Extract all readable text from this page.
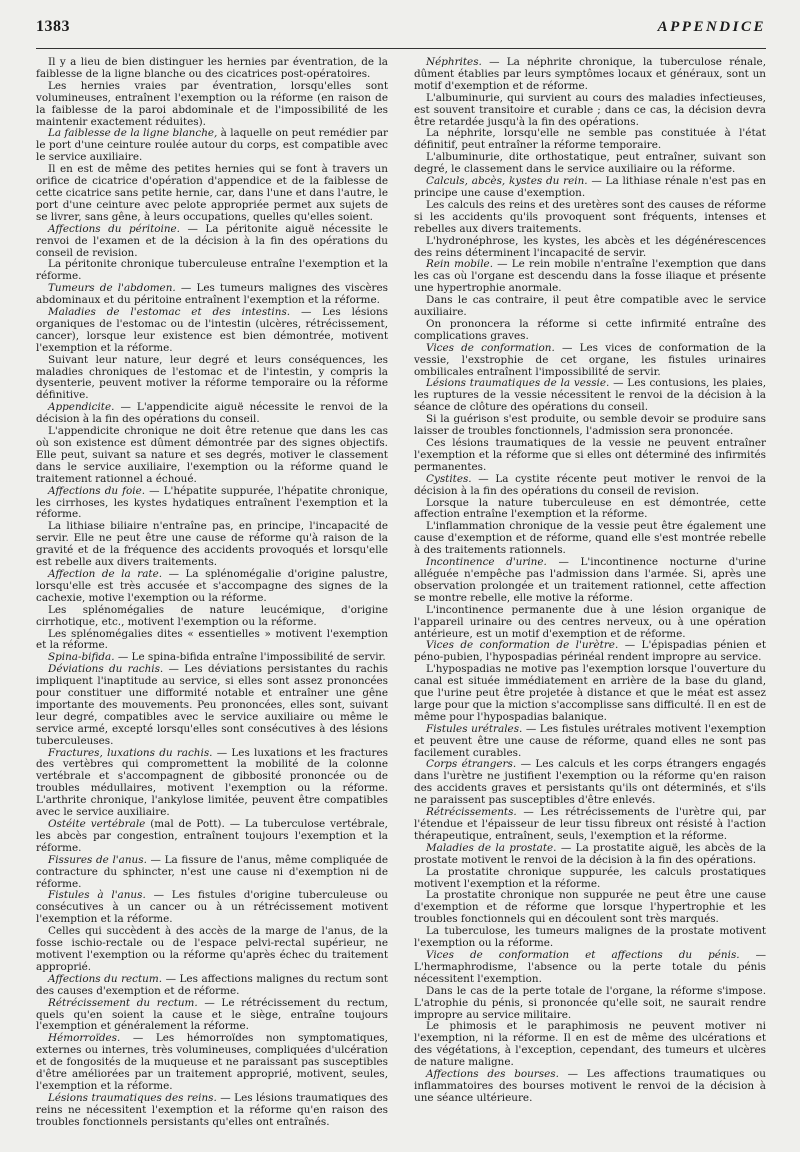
1383	APPENDICE

Il y a lieu de bien distinguer les hernies par éventration, de la faiblesse de la ligne blanche ou des cicatrices post-opératoires.

Les hernies vraies par éventration, lorsqu'elles sont volumineuses, entraînent l'exemption ou la réforme (en raison de la faiblesse de la paroi abdominale et de l'impossibilité de les maintenir exactement réduites).

La faiblesse de la ligne blanche, à laquelle on peut remédier par le port d'une ceinture roulée autour du corps, est compatible avec le service auxiliaire.

Il en est de même des petites hernies qui se font à travers un orifice de cicatrice d'opération d'appendice et de la faiblesse de cette cicatrice sans petite hernie, car, dans l'une et dans l'autre, le port d'une ceinture avec pelote appropriée permet aux sujets de se livrer, sans gêne, à leurs occupations, quelles qu'elles soient.

Affections du péritoine. — La péritonite aiguë nécessite le renvoi de l'examen et de la décision à la fin des opérations du conseil de revision.

La péritonite chronique tuberculeuse entraîne l'exemption et la réforme.

Tumeurs de l'abdomen. — Les tumeurs malignes des viscères abdominaux et du péritoine entraînent l'exemption et la réforme.

Maladies de l'estomac et des intestins. — Les lésions organiques de l'estomac ou de l'intestin (ulcères, rétrécissement, cancer), lorsque leur existence est bien démontrée, motivent l'exemption et la réforme.

Suivant leur nature, leur degré et leurs conséquences, les maladies chroniques de l'estomac et de l'intestin, y compris la dysenterie, peuvent motiver la réforme temporaire ou la réforme définitive.

Appendicite. — L'appendicite aiguë nécessite le renvoi de la décision à la fin des opérations du conseil.

L'appendicite chronique ne doit être retenue que dans les cas où son existence est dûment démontrée par des signes objectifs. Elle peut, suivant sa nature et ses degrés, motiver le classement dans le service auxiliaire, l'exemption ou la réforme quand le traitement rationnel a échoué.

Affections du foie. — L'hépatite suppurée, l'hépatite chronique, les cirrhoses, les kystes hydatiques entraînent l'exemption et la réforme.

La lithiase biliaire n'entraîne pas, en principe, l'incapacité de servir. Elle ne peut être une cause de réforme qu'à raison de la gravité et de la fréquence des accidents provoqués et lorsqu'elle est rebelle aux divers traitements.

Affection de la rate. — La splénomégalie d'origine palustre, lorsqu'elle est très accusée et s'accompagne des signes de la cachexie, motive l'exemption ou la réforme.

Les splénomégalies de nature leucémique, d'origine cirrhotique, etc., motivent l'exemption ou la réforme.

Les splénomégalies dites « essentielles » motivent l'exemption et la réforme.

Spina-bifida. — Le spina-bifida entraîne l'impossibilité de servir.

Déviations du rachis. — Les déviations persistantes du rachis impliquent l'inaptitude au service, si elles sont assez prononcées pour constituer une difformité notable et entraîner une gêne importante des mouvements. Peu prononcées, elles sont, suivant leur degré, compatibles avec le service auxiliaire ou même le service armé, excepté lorsqu'elles sont consécutives à des lésions tuberculeuses.

Fractures, luxations du rachis. — Les luxations et les fractures des vertèbres qui compromettent la mobilité de la colonne vertébrale et s'accompagnent de gibbosité prononcée ou de troubles médullaires, motivent l'exemption ou la réforme. L'arthrite chronique, l'ankylose limitée, peuvent être compatibles avec le service auxiliaire.

Ostéite vertébrale (mal de Pott). — La tuberculose vertébrale, les abcès par congestion, entraînent toujours l'exemption et la réforme.

Fissures de l'anus. — La fissure de l'anus, même compliquée de contracture du sphincter, n'est une cause ni d'exemption ni de réforme.

Fistules à l'anus. — Les fistules d'origine tuberculeuse ou consécutives à un cancer ou à un rétrécissement motivent l'exemption et la réforme.

Celles qui succèdent à des accès de la marge de l'anus, de la fosse ischio-rectale ou de l'espace pelvi-rectal supérieur, ne motivent l'exemption ou la réforme qu'après échec du traitement approprié.

Affections du rectum. — Les affections malignes du rectum sont des causes d'exemption et de réforme.

Rétrécissement du rectum. — Le rétrécissement du rectum, quels qu'en soient la cause et le siège, entraîne toujours l'exemption et généralement la réforme.

Hémorroïdes. — Les hémorroïdes non symptomatiques, externes ou internes, très volumineuses, compliquées d'ulcération et de fongosités de la muqueuse et ne paraissant pas susceptibles d'être améliorées par un traitement approprié, motivent, seules, l'exemption et la réforme.

Lésions traumatiques des reins. — Les lésions traumatiques des reins ne nécessitent l'exemption et la réforme qu'en raison des troubles fonctionnels persistants qu'elles ont entraînés.

Néphrites. — La néphrite chronique, la tuberculose rénale, dûment établies par leurs symptômes locaux et généraux, sont un motif d'exemption et de réforme.

L'albuminurie, qui survient au cours des maladies infectieuses, est souvent transitoire et curable ; dans ce cas, la décision devra être retardée jusqu'à la fin des opérations.

La néphrite, lorsqu'elle ne semble pas constituée à l'état définitif, peut entraîner la réforme temporaire.

L'albuminurie, dite orthostatique, peut entraîner, suivant son degré, le classement dans le service auxiliaire ou la réforme.

Calculs, abcès, kystes du rein. — La lithiase rénale n'est pas en principe une cause d'exemption.

Les calculs des reins et des uretères sont des causes de réforme si les accidents qu'ils provoquent sont fréquents, intenses et rebelles aux divers traitements.

L'hydronéphrose, les kystes, les abcès et les dégénérescences des reins déterminent l'incapacité de servir.

Rein mobile. — Le rein mobile n'entraîne l'exemption que dans les cas où l'organe est descendu dans la fosse iliaque et présente une hypertrophie anormale.

Dans le cas contraire, il peut être compatible avec le service auxiliaire.

On prononcera la réforme si cette infirmité entraîne des complications graves.

Vices de conformation. — Les vices de conformation de la vessie, l'exstrophie de cet organe, les fistules urinaires ombilicales entraînent l'impossibilité de servir.

Lésions traumatiques de la vessie. — Les contusions, les plaies, les ruptures de la vessie nécessitent le renvoi de la décision à la séance de clôture des opérations du conseil.

Si la guérison s'est produite, ou semble devoir se produire sans laisser de troubles fonctionnels, l'admission sera prononcée.

Ces lésions traumatiques de la vessie ne peuvent entraîner l'exemption et la réforme que si elles ont déterminé des infirmités permanentes.

Cystites. — La cystite récente peut motiver le renvoi de la décision à la fin des opérations du conseil de revision.

Lorsque la nature tuberculeuse en est démontrée, cette affection entraîne l'exemption et la réforme.

L'inflammation chronique de la vessie peut être également une cause d'exemption et de réforme, quand elle s'est montrée rebelle à des traitements rationnels.

Incontinence d'urine. — L'incontinence nocturne d'urine alléguée n'empêche pas l'admission dans l'armée. Si, après une observation prolongée et un traitement rationnel, cette affection se montre rebelle, elle motive la réforme.

L'incontinence permanente due à une lésion organique de l'appareil urinaire ou des centres nerveux, ou à une opération antérieure, est un motif d'exemption et de réforme.

Vices de conformation de l'urètre. — L'épispadias pénien et péno-pubien, l'hypospadias périnéal rendent impropre au service.

L'hypospadias ne motive pas l'exemption lorsque l'ouverture du canal est située immédiatement en arrière de la base du gland, que l'urine peut être projetée à distance et que le méat est assez large pour que la miction s'accomplisse sans difficulté. Il en est de même pour l'hypospadias balanique.

Fistules urétrales. — Les fistules urétrales motivent l'exemption et peuvent être une cause de réforme, quand elles ne sont pas facilement curables.

Corps étrangers. — Les calculs et les corps étrangers engagés dans l'urètre ne justifient l'exemption ou la réforme qu'en raison des accidents graves et persistants qu'ils ont déterminés, et s'ils ne paraissent pas susceptibles d'être enlevés.

Rétrécissements. — Les rétrécissements de l'urètre qui, par l'étendue et l'épaisseur de leur tissu fibreux ont résisté à l'action thérapeutique, entraînent, seuls, l'exemption et la réforme.

Maladies de la prostate. — La prostatite aiguë, les abcès de la prostate motivent le renvoi de la décision à la fin des opérations.

La prostatite chronique suppurée, les calculs prostatiques motivent l'exemption et la réforme.

La prostatite chronique non suppurée ne peut être une cause d'exemption et de réforme que lorsque l'hypertrophie et les troubles fonctionnels qui en découlent sont très marqués.

La tuberculose, les tumeurs malignes de la prostate motivent l'exemption ou la réforme.

Vices de conformation et affections du pénis. — L'hermaphrodisme, l'absence ou la perte totale du pénis nécessitent l'exemption.

Dans le cas de la perte totale de l'organe, la réforme s'impose. L'atrophie du pénis, si prononcée qu'elle soit, ne saurait rendre impropre au service militaire.

Le phimosis et le paraphimosis ne peuvent motiver ni l'exemption, ni la réforme. Il en est de même des ulcérations et des végétations, à l'exception, cependant, des tumeurs et ulcères de nature maligne.

Affections des bourses. — Les affections traumatiques ou inflammatoires des bourses motivent le renvoi de la décision à une séance ultérieure.
